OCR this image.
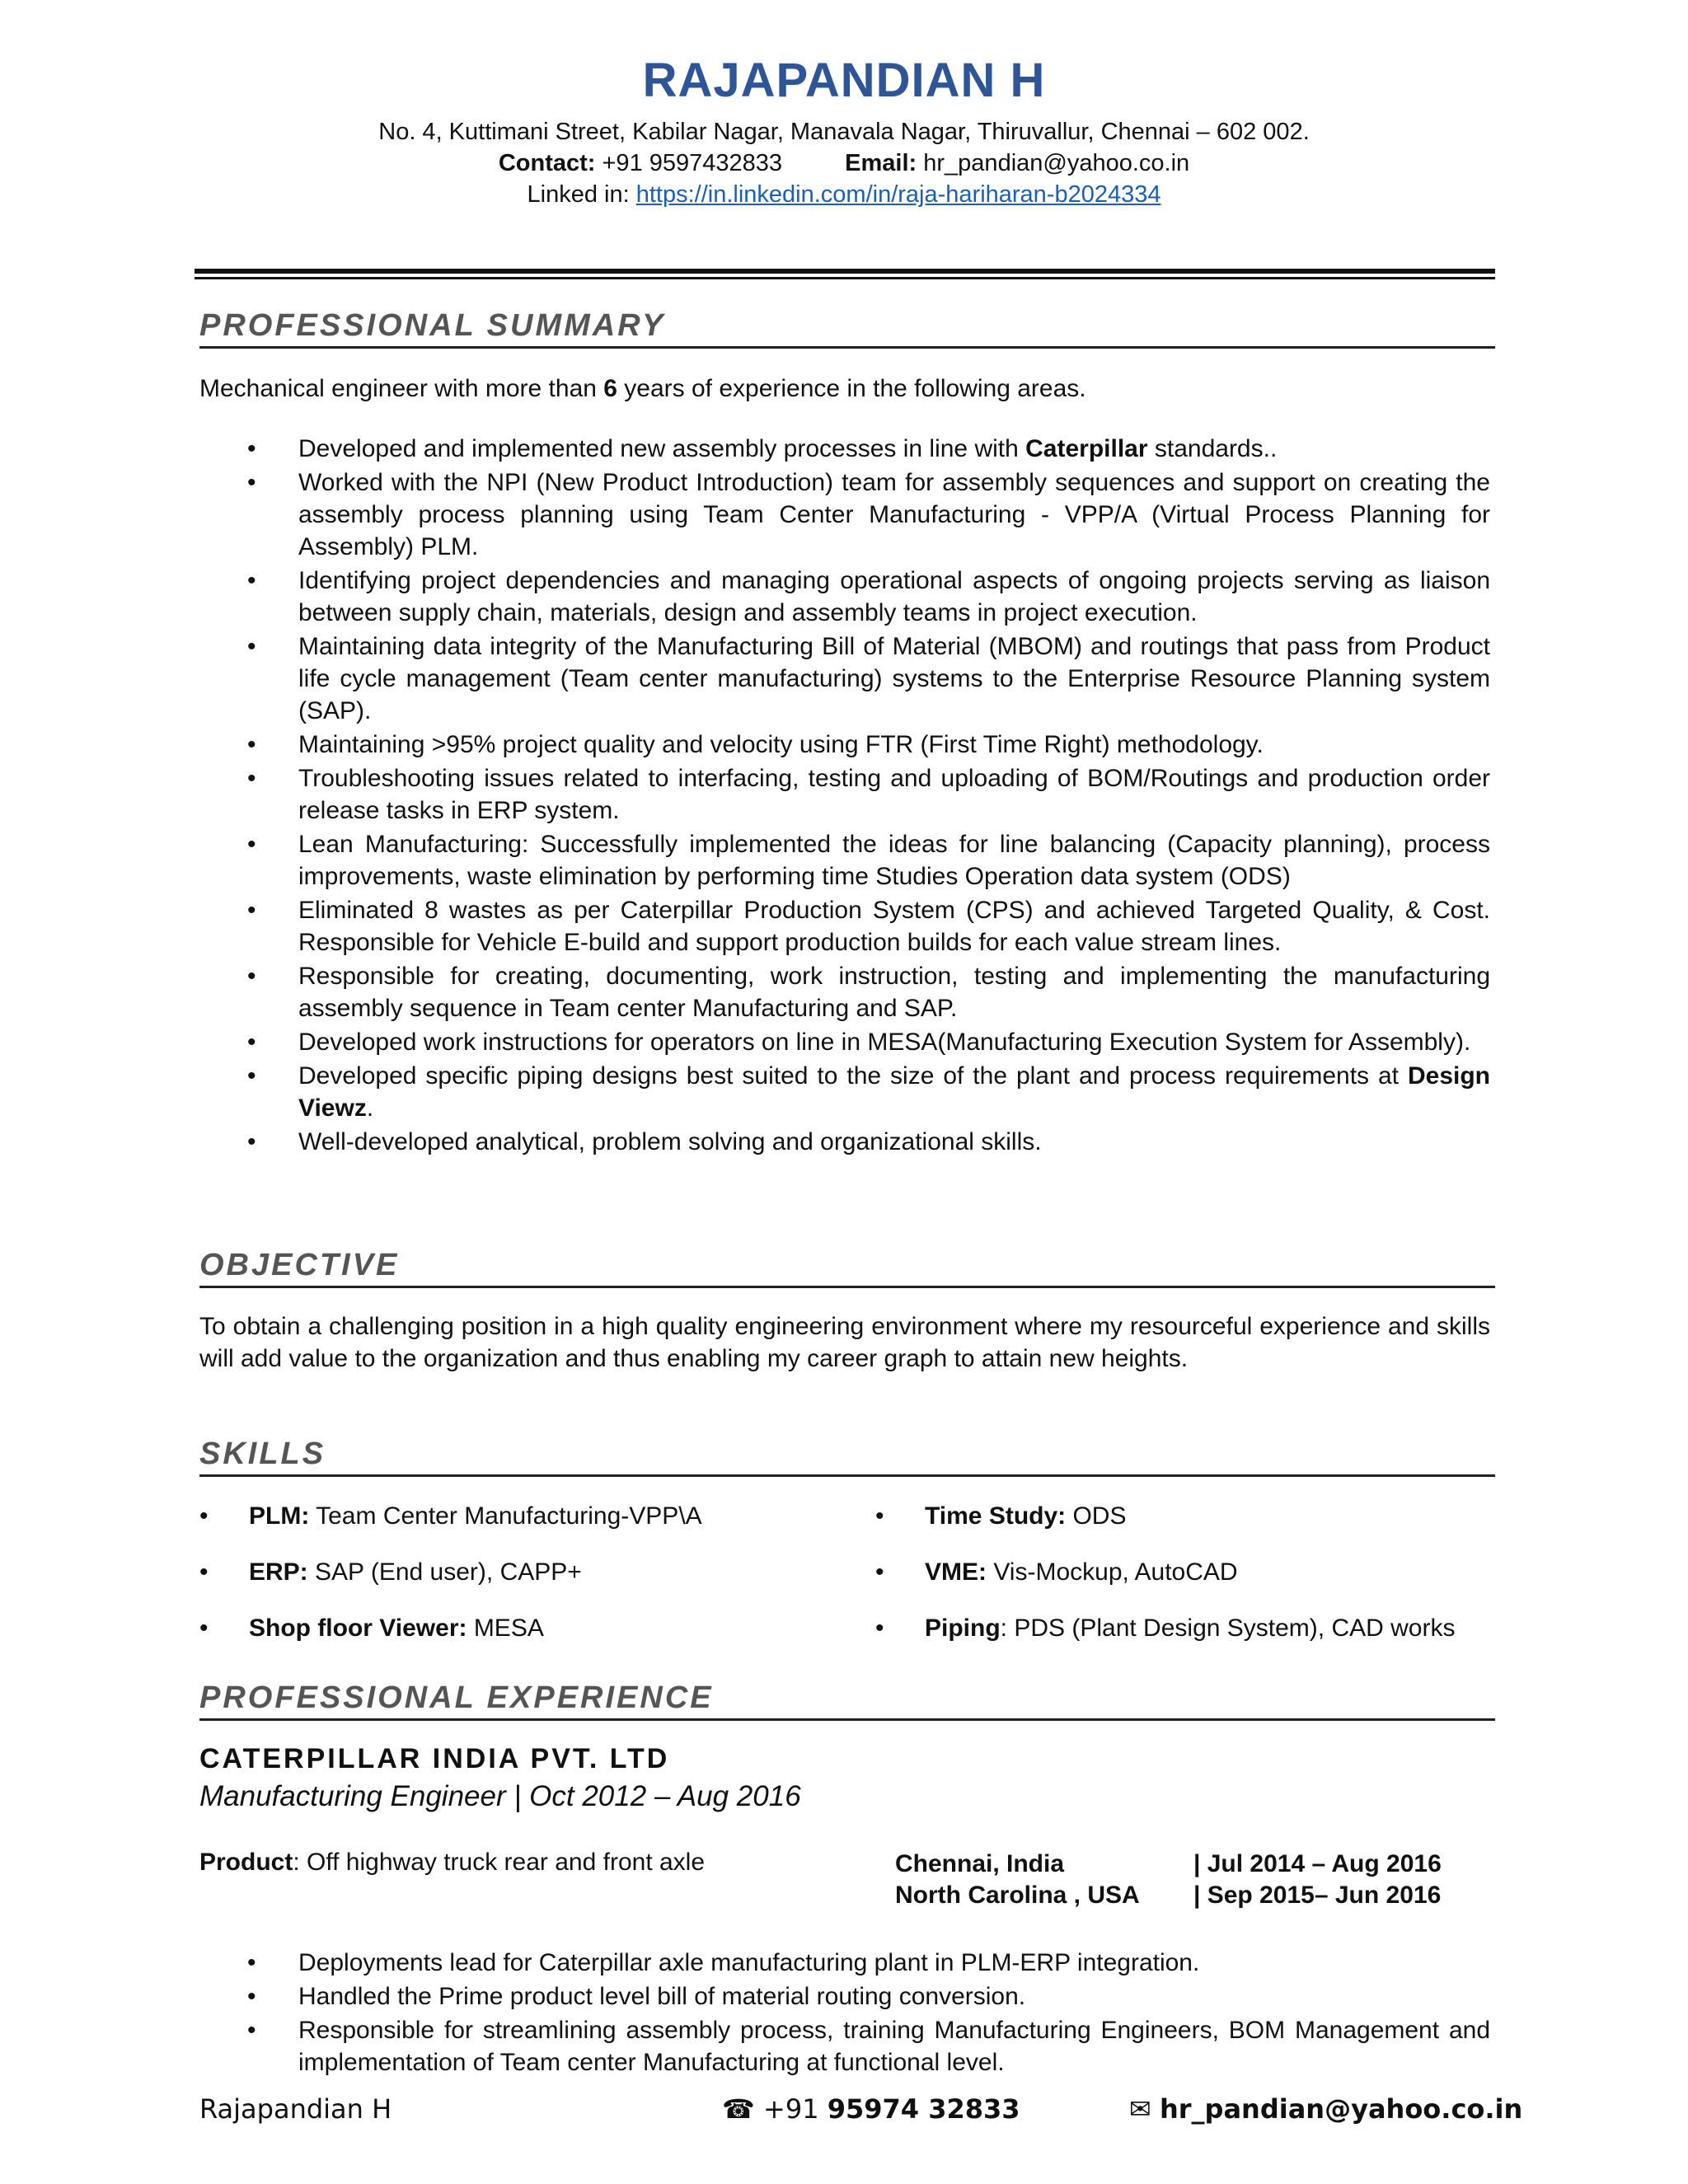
RAJAPANDIAN H
No. 4, Kuttimani Street, Kabilar Nagar, Manavala Nagar, Thiruvallur, Chennai – 602 002.
Contact: +91 9597432833	Email: hr_pandian@yahoo.co.in
Linked in: https://in.linkedin.com/in/raja-hariharan-b2024334
PROFESSIONAL SUMMARY
Mechanical engineer with more than 6 years of experience in the following areas.
• Developed and implemented new assembly processes in line with Caterpillar standards..
• Worked with the NPI (New Product Introduction) team for assembly sequences and support on creating the assembly process planning using Team Center Manufacturing - VPP/A (Virtual Process Planning for Assembly) PLM.
• Identifying project dependencies and managing operational aspects of ongoing projects serving as liaison between supply chain, materials, design and assembly teams in project execution.
• Maintaining data integrity of the Manufacturing Bill of Material (MBOM) and routings that pass from Product life cycle management (Team center manufacturing) systems to the Enterprise Resource Planning system (SAP).
• Maintaining >95% project quality and velocity using FTR (First Time Right) methodology.
• Troubleshooting issues related to interfacing, testing and uploading of BOM/Routings and production order release tasks in ERP system.
• Lean Manufacturing: Successfully implemented the ideas for line balancing (Capacity planning), process improvements, waste elimination by performing time Studies Operation data system (ODS)
• Eliminated 8 wastes as per Caterpillar Production System (CPS) and achieved Targeted Quality, & Cost. Responsible for Vehicle E-build and support production builds for each value stream lines.
• Responsible for creating, documenting, work instruction, testing and implementing the manufacturing assembly sequence in Team center Manufacturing and SAP.
• Developed work instructions for operators on line in MESA(Manufacturing Execution System for Assembly).
• Developed specific piping designs best suited to the size of the plant and process requirements at Design Viewz.
• Well-developed analytical, problem solving and organizational skills.
OBJECTIVE
To obtain a challenging position in a high quality engineering environment where my resourceful experience and skills will add value to the organization and thus enabling my career graph to attain new heights.
SKILLS
• PLM: Team Center Manufacturing-VPP\A	• Time Study: ODS
• ERP: SAP (End user), CAPP+	• VME: Vis-Mockup, AutoCAD
• Shop floor Viewer: MESA	• Piping: PDS (Plant Design System), CAD works
PROFESSIONAL EXPERIENCE
CATERPILLAR INDIA PVT. LTD
Manufacturing Engineer | Oct 2012 – Aug 2016
Product: Off highway truck rear and front axle	Chennai, India	| Jul 2014 – Aug 2016
North Carolina , USA | Sep 2015– Jun 2016
• Deployments lead for Caterpillar axle manufacturing plant in PLM-ERP integration.
• Handled the Prime product level bill of material routing conversion.
• Responsible for streamlining assembly process, training Manufacturing Engineers, BOM Management and implementation of Team center Manufacturing at functional level.
Rajapandian H	☎ +91 95974 32833	✉ hr_pandian@yahoo.co.in
